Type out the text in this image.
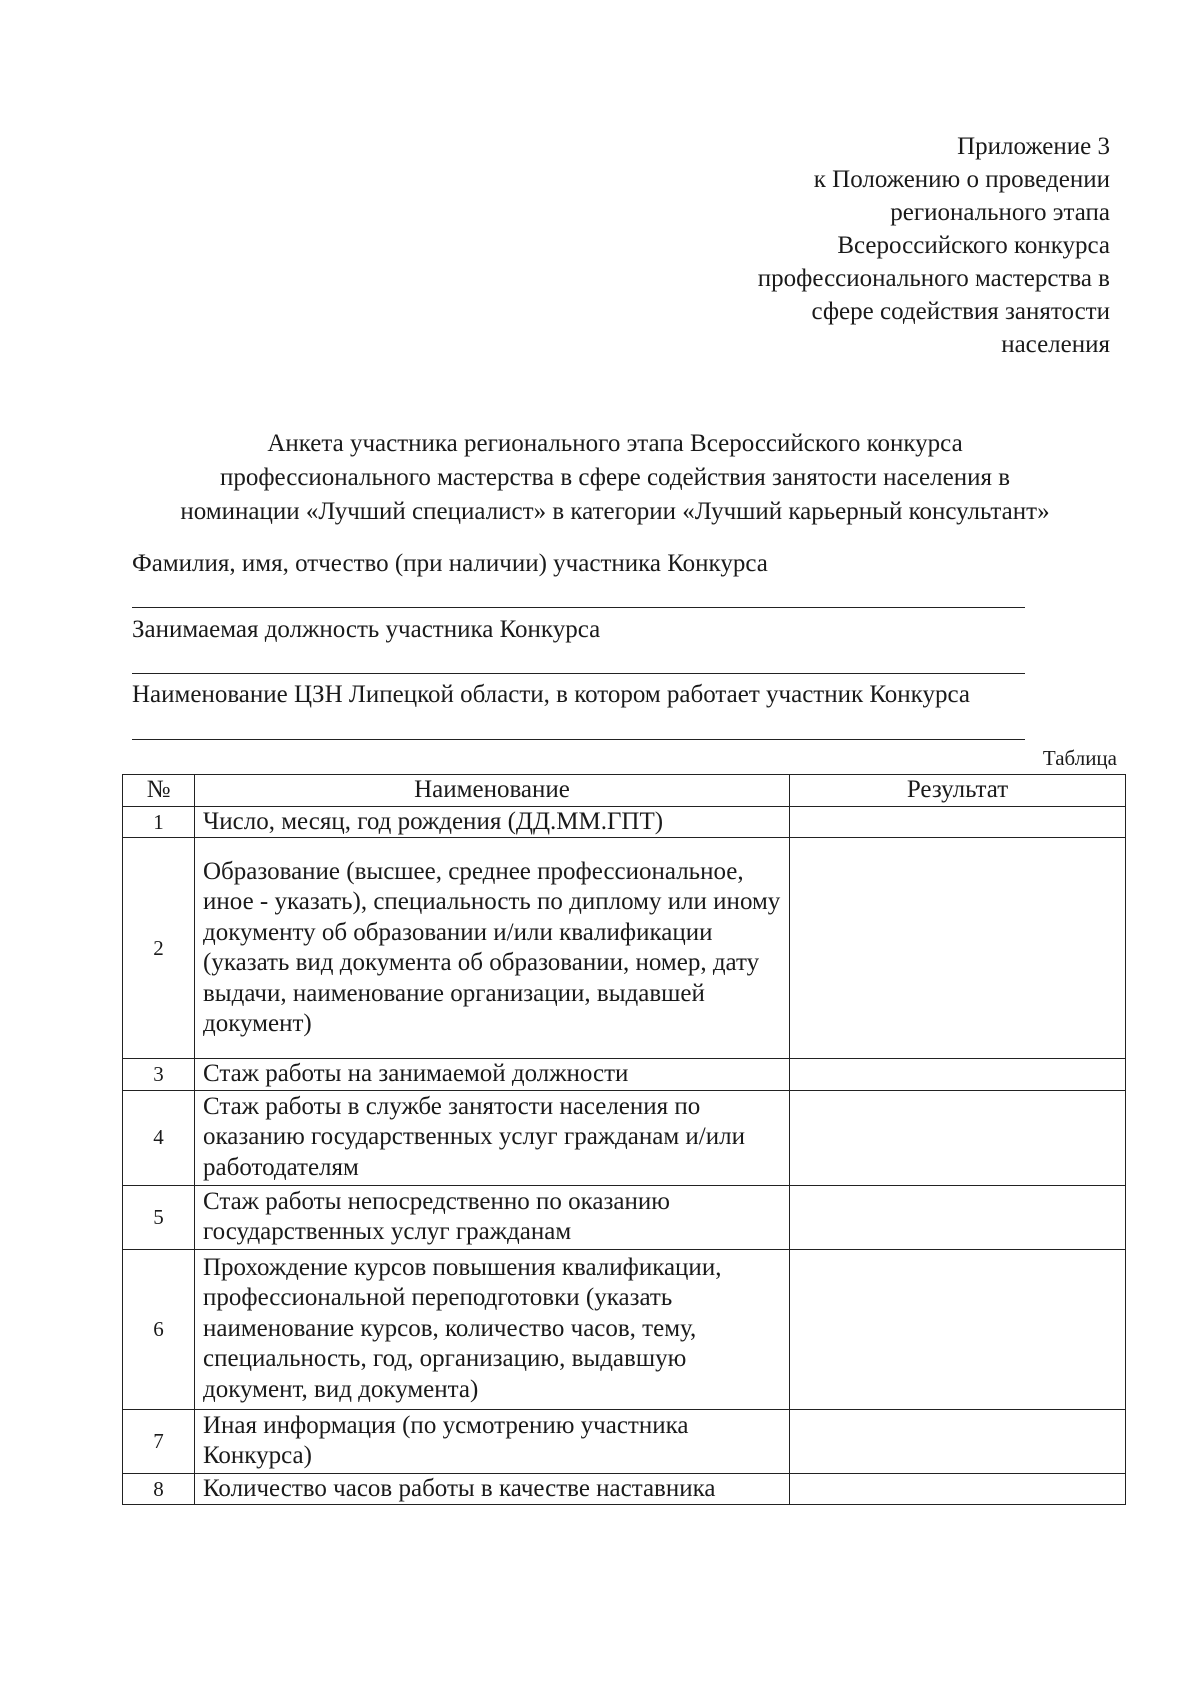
Приложение 3
к Положению о проведении
регионального этапа
Всероссийского конкурса
профессионального мастерства в
сфере содействия занятости
населения
Анкета участника регионального этапа Всероссийского конкурса
профессионального мастерства в сфере содействия занятости населения в
номинации «Лучший специалист» в категории «Лучший карьерный консультант»
Фамилия, имя, отчество (при наличии) участника Конкурса
Занимаемая должность участника Конкурса
Наименование ЦЗН Липецкой области, в котором работает участник Конкурса
Таблица
№	Наименование	Результат
1	Число, месяц, год рождения (ДД.ММ.ГПТ)	
2	Образование (высшее, среднее профессиональное, иное - указать), специальность по диплому или иному документу об образовании и/или квалификации (указать вид документа об образовании, номер, дату выдачи, наименование организации, выдавшей документ)	
3	Стаж работы на занимаемой должности	
4	Стаж работы в службе занятости населения по оказанию государственных услуг гражданам и/или работодателям	
5	Стаж работы непосредственно по оказанию государственных услуг гражданам	
6	Прохождение курсов повышения квалификации, профессиональной переподготовки (указать наименование курсов, количество часов, тему, специальность, год, организацию, выдавшую документ, вид документа)	
7	Иная информация (по усмотрению участника Конкурса)	
8	Количество часов работы в качестве наставника	
